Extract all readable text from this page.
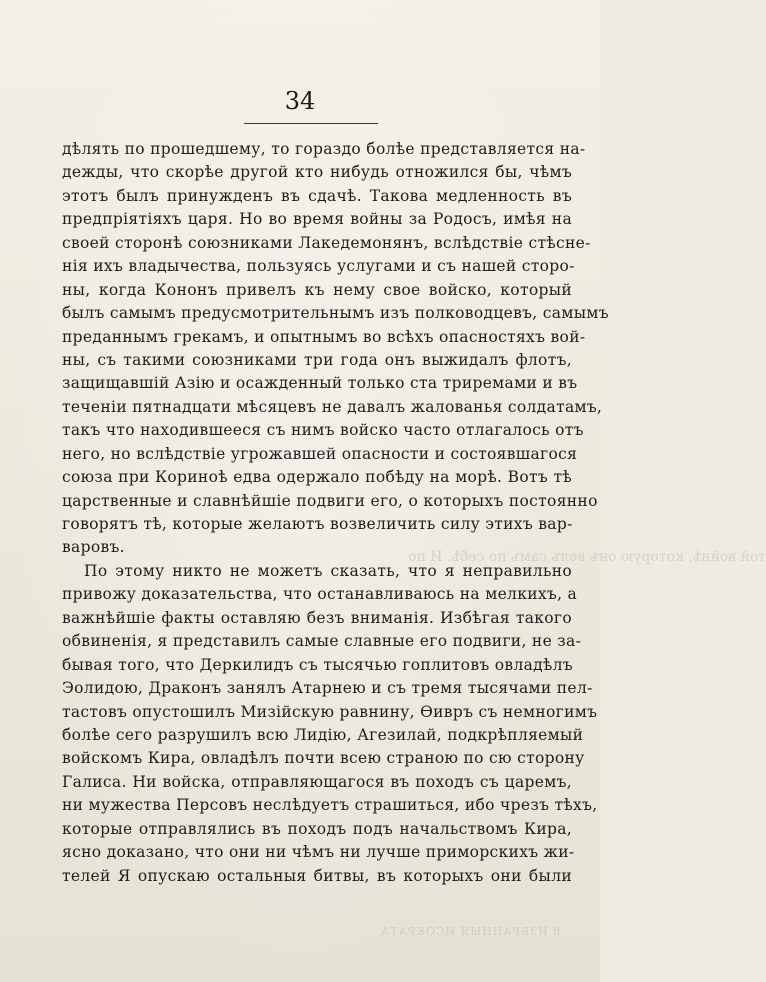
той войнѣ, которую онъ велъ самъ по себѣ. И по
8 ИЗБРАННЫЯ ИСОКРАТА
34
дѣлять по прошедшему, то гораздо болѣе представляется на-
дежды, что скорѣе другой кто нибудь отножился бы, чѣмъ
этотъ былъ принужденъ въ сдачѣ. Такова медленность въ
предпріятіяхъ царя. Но во время войны за Родосъ, имѣя на
своей сторонѣ союзниками Лакедемонянъ, вслѣдствіе стѣсне-
нія ихъ владычества, пользуясь услугами и съ нашей сторо-
ны, когда Кононъ привелъ къ нему свое войско, который
былъ самымъ предусмотрительнымъ изъ полководцевъ, самымъ
преданнымъ грекамъ, и опытнымъ во всѣхъ опасностяхъ вой-
ны, съ такими союзниками три года онъ выжидалъ флотъ,
защищавшій Азію и осажденный только ста триремами и въ
теченіи пятнадцати мѣсяцевъ не давалъ жалованья солдатамъ,
такъ что находившееся съ нимъ войско часто отлагалось отъ
него, но вслѣдствіе угрожавшей опасности и состоявшагося
союза при Кориноѣ едва одержало побѣду на морѣ. Вотъ тѣ
царственные и славнѣйшіе подвиги его, о которыхъ постоянно
говорятъ тѣ, которые желаютъ возвеличить силу этихъ вар-
варовъ.
По этому никто не можетъ сказать, что я неправильно
привожу доказательства, что останавливаюсь на мелкихъ, а
важнѣйшіе факты оставляю безъ вниманія. Избѣгая такого
обвиненія, я представилъ самые славные его подвиги, не за-
бывая того, что Деркилидъ съ тысячью гоплитовъ овладѣлъ
Эолидою, Драконъ занялъ Атарнею и съ тремя тысячами пел-
тастовъ опустошилъ Мизійскую равнину, Ѳивръ съ немногимъ
болѣе сего разрушилъ всю Лидію, Агезилай, подкрѣпляемый
войскомъ Кира, овладѣлъ почти всею страною по сю сторону
Галиса. Ни войска, отправляющагося въ походъ съ царемъ,
ни мужества Персовъ неслѣдуетъ страшиться, ибо чрезъ тѣхъ,
которые отправлялись въ походъ подъ начальствомъ Кира,
ясно доказано, что они ни чѣмъ ни лучше приморскихъ жи-
телей Я опускаю остальныя битвы, въ которыхъ они были
